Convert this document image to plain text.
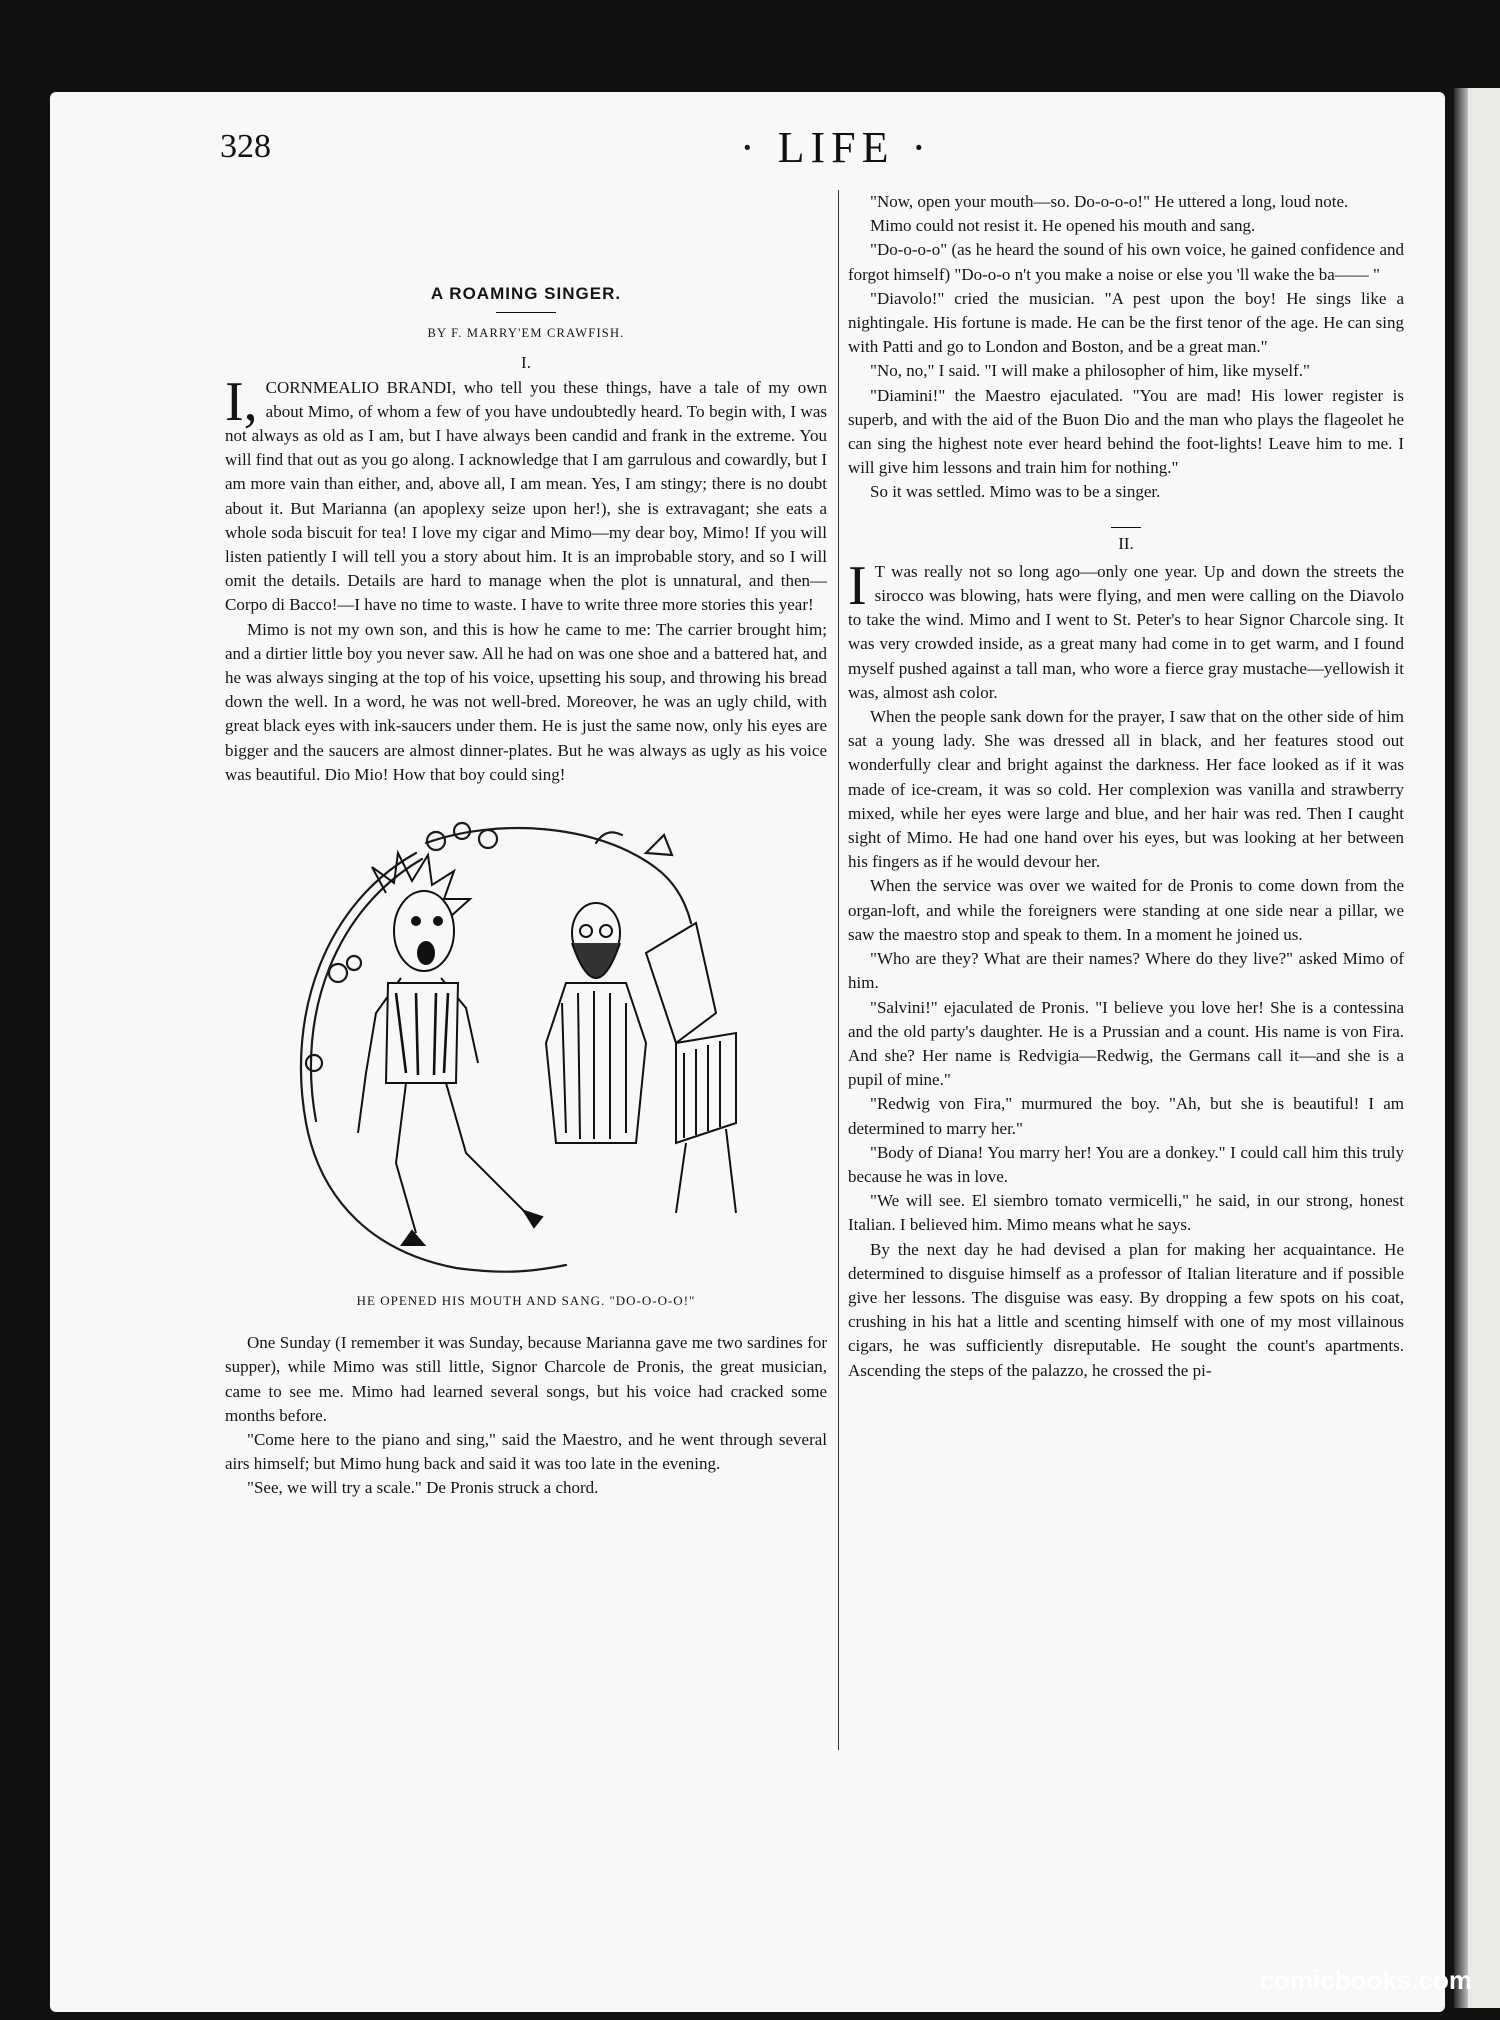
328	· LIFE ·
A ROAMING SINGER.
BY F. MARRY'EM CRAWFISH.
I.

I, CORNMEALIO BRANDI, who tell you these things, have a tale of my own about Mimo, of whom a few of you have undoubtedly heard. To begin with, I was not always as old as I am, but I have always been candid and frank in the extreme. You will find that out as you go along. I acknowledge that I am garrulous and cowardly, but I am more vain than either, and, above all, I am mean. Yes, I am stingy; there is no doubt about it. But Marianna (an apoplexy seize upon her!), she is extravagant; she eats a whole soda biscuit for tea! I love my cigar and Mimo—my dear boy, Mimo! If you will listen patiently I will tell you a story about him. It is an improbable story, and so I will omit the details. Details are hard to manage when the plot is unnatural, and then—Corpo di Bacco!—I have no time to waste. I have to write three more stories this year!

Mimo is not my own son, and this is how he came to me: The carrier brought him; and a dirtier little boy you never saw. All he had on was one shoe and a battered hat, and he was always singing at the top of his voice, upsetting his soup, and throwing his bread down the well. In a word, he was not well-bred. Moreover, he was an ugly child, with great black eyes with ink-saucers under them. He is just the same now, only his eyes are bigger and the saucers are almost dinner-plates. But he was always as ugly as his voice was beautiful. Dio Mio! How that boy could sing!

HE OPENED HIS MOUTH AND SANG. "DO-O-O-O!"

One Sunday (I remember it was Sunday, because Marianna gave me two sardines for supper), while Mimo was still little, Signor Charcole de Pronis, the great musician, came to see me. Mimo had learned several songs, but his voice had cracked some months before.

"Come here to the piano and sing," said the Maestro, and he went through several airs himself; but Mimo hung back and said it was too late in the evening.

"See, we will try a scale." De Pronis struck a chord.

"Now, open your mouth—so. Do-o-o-o!" He uttered a long, loud note.

Mimo could not resist it. He opened his mouth and sang.

"Do-o-o-o" (as he heard the sound of his own voice, he gained confidence and forgot himself) "Do-o-o n't you make a noise or else you 'll wake the ba—— "

"Diavolo!" cried the musician. "A pest upon the boy! He sings like a nightingale. His fortune is made. He can be the first tenor of the age. He can sing with Patti and go to London and Boston, and be a great man."

"No, no," I said. "I will make a philosopher of him, like myself."

"Diamini!" the Maestro ejaculated. "You are mad! His lower register is superb, and with the aid of the Buon Dio and the man who plays the flageolet he can sing the highest note ever heard behind the foot-lights! Leave him to me. I will give him lessons and train him for nothing."

So it was settled. Mimo was to be a singer.

II.

I T was really not so long ago—only one year. Up and down the streets the sirocco was blowing, hats were flying, and men were calling on the Diavolo to take the wind. Mimo and I went to St. Peter's to hear Signor Charcole sing. It was very crowded inside, as a great many had come in to get warm, and I found myself pushed against a tall man, who wore a fierce gray mustache—yellowish it was, almost ash color.

When the people sank down for the prayer, I saw that on the other side of him sat a young lady. She was dressed all in black, and her features stood out wonderfully clear and bright against the darkness. Her face looked as if it was made of ice-cream, it was so cold. Her complexion was vanilla and strawberry mixed, while her eyes were large and blue, and her hair was red. Then I caught sight of Mimo. He had one hand over his eyes, but was looking at her between his fingers as if he would devour her.

When the service was over we waited for de Pronis to come down from the organ-loft, and while the foreigners were standing at one side near a pillar, we saw the maestro stop and speak to them. In a moment he joined us.

"Who are they? What are their names? Where do they live?" asked Mimo of him.

"Salvini!" ejaculated de Pronis. "I believe you love her! She is a contessina and the old party's daughter. He is a Prussian and a count. His name is von Fira. And she? Her name is Redvigia—Redwig, the Germans call it—and she is a pupil of mine."

"Redwig von Fira," murmured the boy. "Ah, but she is beautiful! I am determined to marry her."

"Body of Diana! You marry her! You are a donkey." I could call him this truly because he was in love.

"We will see. El siembro tomato vermicelli," he said, in our strong, honest Italian. I believed him. Mimo means what he says.

By the next day he had devised a plan for making her acquaintance. He determined to disguise himself as a professor of Italian literature and if possible give her lessons. The disguise was easy. By dropping a few spots on his coat, crushing in his hat a little and scenting himself with one of my most villainous cigars, he was sufficiently disreputable. He sought the count's apartments. Ascending the steps of the palazzo, he crossed the pi-

comicbooks.com
